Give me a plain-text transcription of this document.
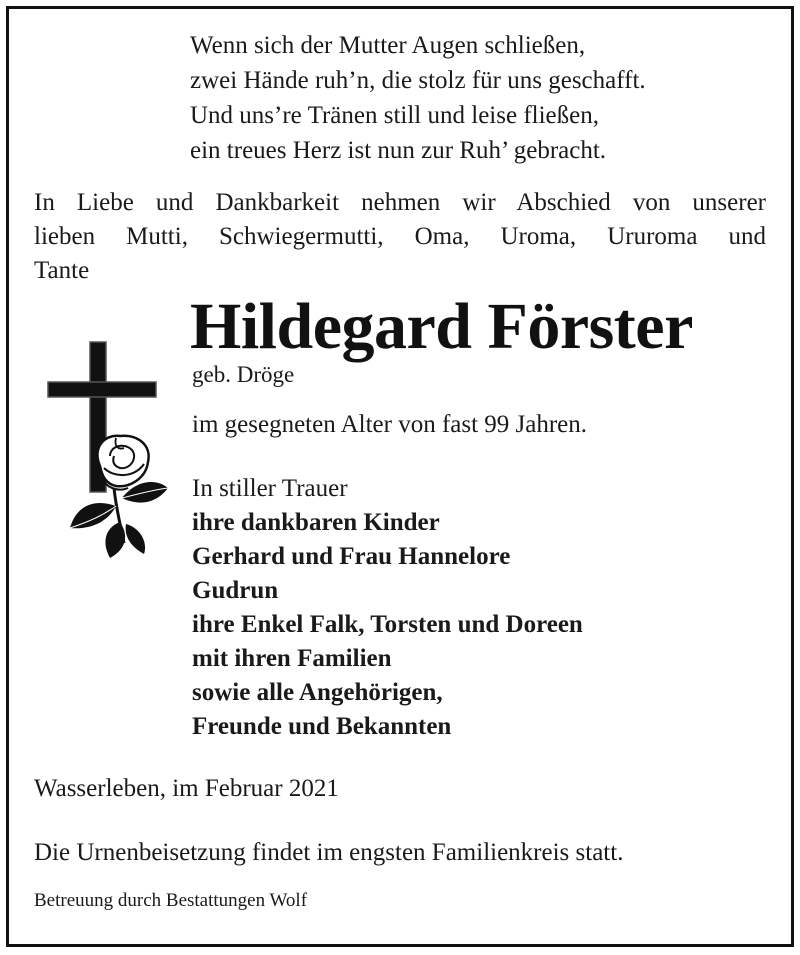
Wenn sich der Mutter Augen schließen,
zwei Hände ruh’n, die stolz für uns geschafft.
Und uns’re Tränen still und leise fließen,
ein treues Herz ist nun zur Ruh’ gebracht.
In Liebe und Dankbarkeit nehmen wir Abschied von unserer
lieben Mutti, Schwiegermutti, Oma, Uroma, Ururoma und
Tante
Hildegard Förster
geb. Dröge
im gesegneten Alter von fast 99 Jahren.
In stiller Trauer
ihre dankbaren Kinder
Gerhard und Frau Hannelore
Gudrun
ihre Enkel Falk, Torsten und Doreen
mit ihren Familien
sowie alle Angehörigen,
Freunde und Bekannten
Wasserleben, im Februar 2021
Die Urnenbeisetzung findet im engsten Familienkreis statt.
Betreuung durch Bestattungen Wolf
